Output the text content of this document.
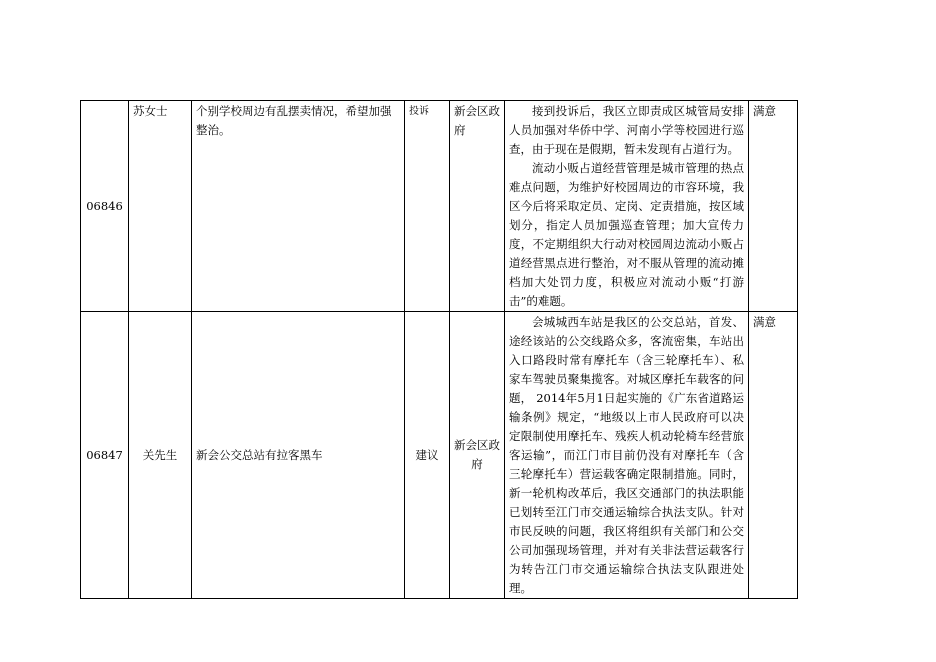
06846	苏女士	个别学校周边有乱摆卖情况，希望加强整治。	投诉	新会区政府	接到投诉后，我区立即责成区城管局安排人员加强对华侨中学、河南小学等校园进行巡查，由于现在是假期，暂未发现有占道行为。

流动小贩占道经营管理是城市管理的热点难点问题，为维护好校园周边的市容环境，我区今后将采取定员、定岗、定责措施，按区域划分，指定人员加强巡查管理；加大宣传力度，不定期组织大行动对校园周边流动小贩占道经营黑点进行整治，对不服从管理的流动摊档加大处罚力度，积极应对流动小贩“打游击”的难题。	满意
06847	关先生	新会公交总站有拉客黑车	建议	新会区政府	会城城西车站是我区的公交总站，首发、途经该站的公交线路众多，客流密集，车站出入口路段时常有摩托车（含三轮摩托车）、私家车驾驶员聚集揽客。对城区摩托车载客的问题， 2014年5月1日起实施的《广东省道路运输条例》规定，“地级以上市人民政府可以决定限制使用摩托车、残疾人机动轮椅车经营旅客运输”，而江门市目前仍没有对摩托车（含三轮摩托车）营运载客确定限制措施。同时，新一轮机构改革后，我区交通部门的执法职能已划转至江门市交通运输综合执法支队。针对市民反映的问题，我区将组织有关部门和公交公司加强现场管理，并对有关非法营运载客行为转告江门市交通运输综合执法支队跟进处理。	满意
